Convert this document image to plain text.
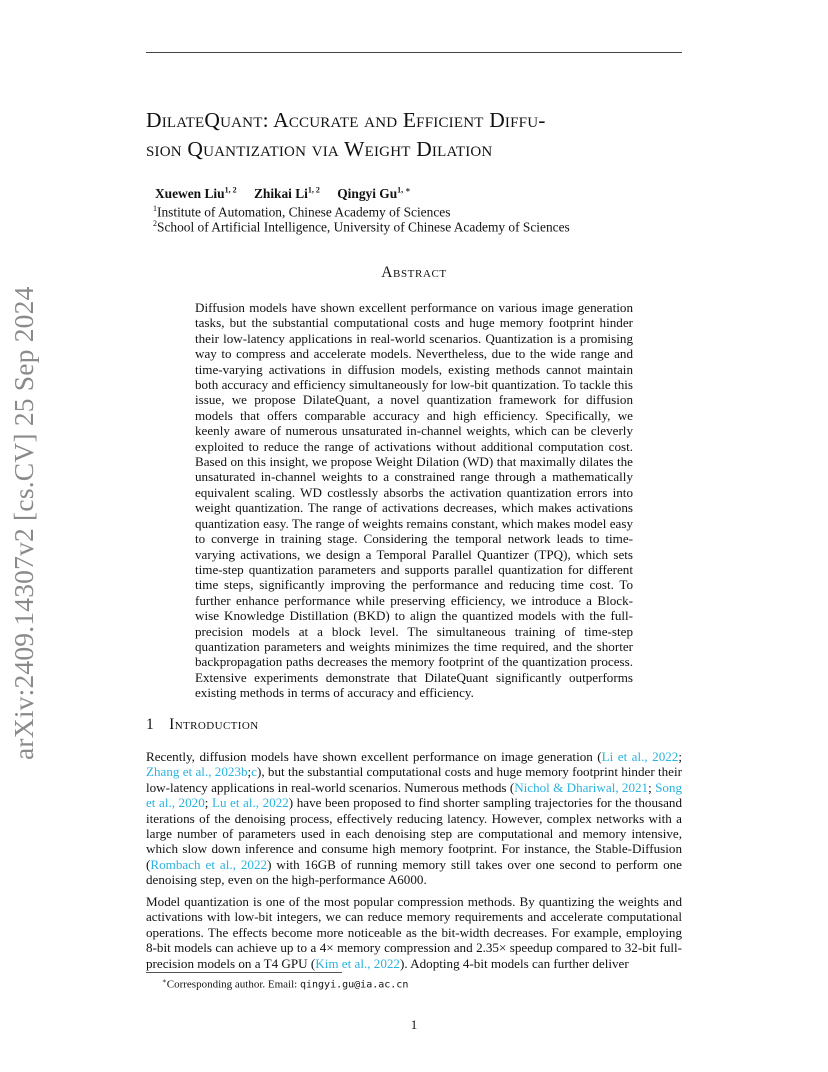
arXiv:2409.14307v2 [cs.CV] 25 Sep 2024
DilateQuant: Accurate and Efficient Diffu-
sion Quantization via Weight Dilation
Xuewen Liu$^{1, 2}$ Zhikai Li$^{1, 2}$ Qingyi $Gu^{1, ∗}$
$^1$Institute of Automation, Chinese Academy of Sciences
$^2$School of Artificial Intelligence, University of Chinese Academy of Sciences
Abstract

Diffusion models have shown excellent performance on various image generation tasks, but the substantial computational costs and huge memory footprint hinder their low-latency applications in real-world scenarios. Quantization is a promising way to compress and accelerate models. Nevertheless, due to the wide range and time-varying activations in diffusion models, existing methods cannot maintain both accuracy and efficiency simultaneously for low-bit quantization. To tackle this issue, we propose DilateQuant, a novel quantization framework for diffusion models that offers comparable accuracy and high efficiency. Specifically, we keenly aware of numerous unsaturated in-channel weights, which can be cleverly exploited to reduce the range of activations without additional computation cost. Based on this insight, we propose Weight Dilation (WD) that maximally dilates the unsaturated in-channel weights to a constrained range through a mathematically equivalent scaling. WD costlessly absorbs the activation quantization errors into weight quantization. The range of activations decreases, which makes activations quantization easy. The range of weights remains constant, which makes model easy to converge in training stage. Considering the temporal network leads to time-varying activations, we design a Temporal Parallel Quantizer (TPQ), which sets time-step quantization parameters and supports parallel quantization for different time steps, significantly improving the performance and reducing time cost. To further enhance performance while preserving efficiency, we introduce a Block-wise Knowledge Distillation (BKD) to align the quantized models with the full-precision models at a block level. The simultaneous training of time-step quantization parameters and weights minimizes the time required, and the shorter backpropagation paths decreases the memory footprint of the quantization process. Extensive experiments demonstrate that DilateQuant significantly outperforms existing methods in terms of accuracy and efficiency.

1 Introduction

Recently, diffusion models have shown excellent performance on image generation (Li et al., 2022; Zhang et al., 2023b;c), but the substantial computational costs and huge memory footprint hinder their low-latency applications in real-world scenarios. Numerous methods (Nichol & Dhariwal, 2021; Song et al., 2020; Lu et al., 2022) have been proposed to find shorter sampling trajectories for the thousand iterations of the denoising process, effectively reducing latency. However, complex networks with a large number of parameters used in each denoising step are computational and memory intensive, which slow down inference and consume high memory footprint. For instance, the Stable-Diffusion (Rombach et al., 2022) with 16GB of running memory still takes over one second to perform one denoising step, even on the high-performance A6000.

Model quantization is one of the most popular compression methods. By quantizing the weights and activations with low-bit integers, we can reduce memory requirements and accelerate computational operations. The effects become more noticeable as the bit-width decreases. For example, employing 8-bit models can achieve up to a 4× memory compression and 2.35× speedup compared to 32-bit full-precision models on a T4 GPU (Kim et al., 2022). Adopting 4-bit models can further deliver

∗Corresponding author. Email: qingyi.gu@ia.ac.cn
1
